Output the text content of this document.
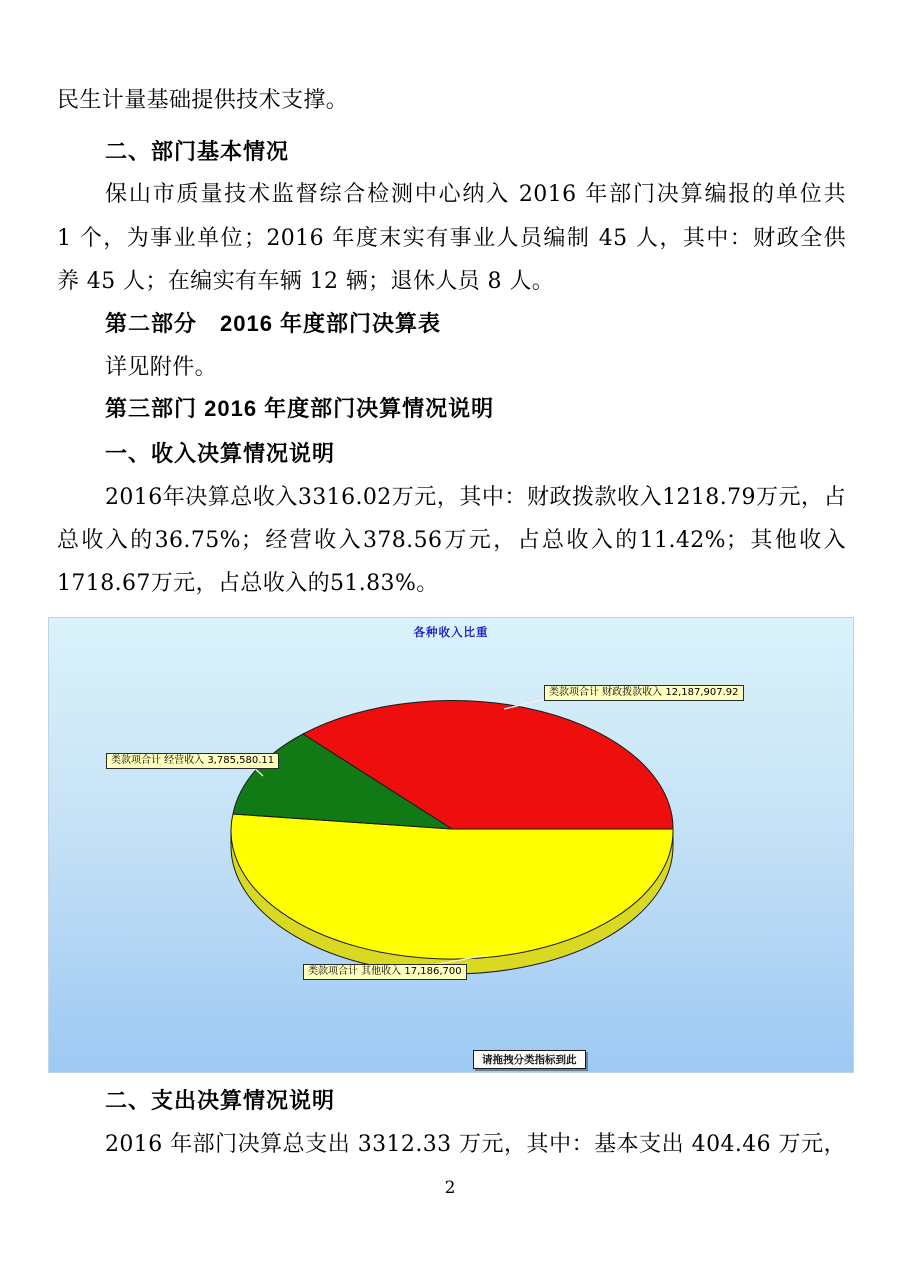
民生计量基础提供技术支撑。
二、部门基本情况
保山市质量技术监督综合检测中心纳入 2016 年部门决算编报的单位共
1 个，为事业单位；2016 年度末实有事业人员编制 45 人，其中：财政全供
养 45 人；在编实有车辆 12 辆；退休人员 8 人。
第二部分　2016 年度部门决算表
详见附件。
第三部门 2016 年度部门决算情况说明
一、收入决算情况说明
2016年决算总收入3316.02万元，其中：财政拨款收入1218.79万元，占
总收入的36.75%；经营收入378.56万元，占总收入的11.42%；其他收入
1718.67万元，占总收入的51.83%。
各种收入比重
类款项合计 财政拨款收入 12,187,907.92
类款项合计 经营收入 3,785,580.11
类款项合计 其他收入 17,186,700
请拖拽分类指标到此
二、支出决算情况说明
2016 年部门决算总支出 3312.33 万元，其中：基本支出 404.46 万元，
2
